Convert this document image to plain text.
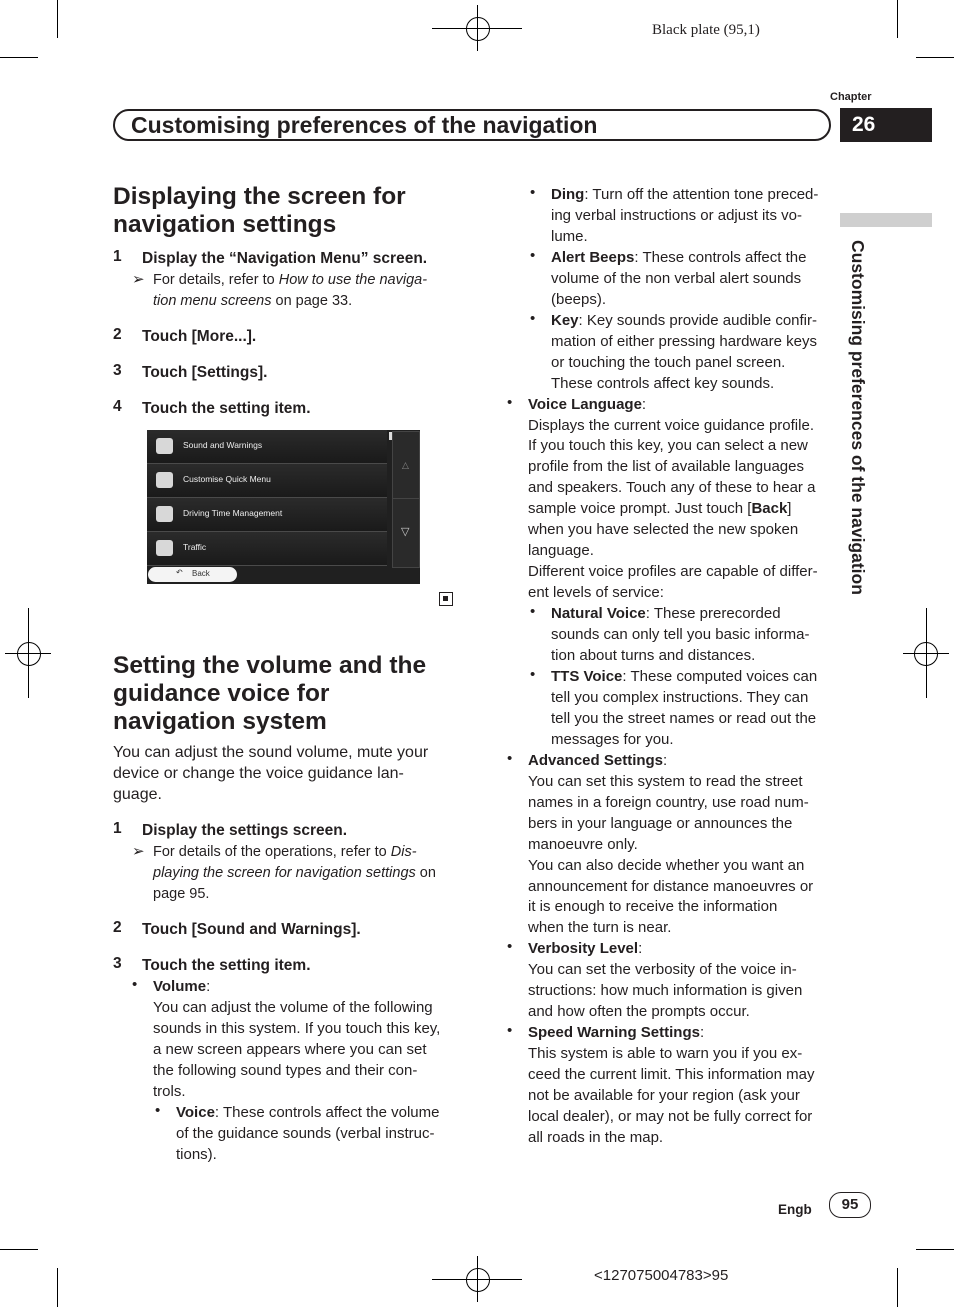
Black plate (95,1)
Chapter
26
Customising preferences of the navigation
Customising preferences of the navigation
Displaying the screen for
navigation settings
1 Display the “Navigation Menu” screen.
➢ For details, refer to How to use the naviga-
tion menu screens on page 33.
2 Touch [More...].
3 Touch [Settings].
4 Touch the setting item.
Sound and Warnings
Customise Quick Menu
Driving Time Management
Traffic
△
▽
↶ Back
Setting the volume and the
guidance voice for
navigation system
You can adjust the sound volume, mute your
device or change the voice guidance lan-
guage.
1 Display the settings screen.
➢ For details of the operations, refer to Dis-
playing the screen for navigation settings on
page 95.
2 Touch [Sound and Warnings].
3 Touch the setting item.
• Volume:
You can adjust the volume of the following
sounds in this system. If you touch this key,
a new screen appears where you can set
the following sound types and their con-
trols.
• Voice: These controls affect the volume
of the guidance sounds (verbal instruc-
tions).
• Ding: Turn off the attention tone preced-
ing verbal instructions or adjust its vo-
lume.
• Alert Beeps: These controls affect the
volume of the non verbal alert sounds
(beeps).
• Key: Key sounds provide audible confir-
mation of either pressing hardware keys
or touching the touch panel screen.
These controls affect key sounds.
• Voice Language:
Displays the current voice guidance profile.
If you touch this key, you can select a new
profile from the list of available languages
and speakers. Touch any of these to hear a
sample voice prompt. Just touch [Back]
when you have selected the new spoken
language.
Different voice profiles are capable of differ-
ent levels of service:
• Natural Voice: These prerecorded
sounds can only tell you basic informa-
tion about turns and distances.
• TTS Voice: These computed voices can
tell you complex instructions. They can
tell you the street names or read out the
messages for you.
• Advanced Settings:
You can set this system to read the street
names in a foreign country, use road num-
bers in your language or announces the
manoeuvre only.
You can also decide whether you want an
announcement for distance manoeuvres or
it is enough to receive the information
when the turn is near.
• Verbosity Level:
You can set the verbosity of the voice in-
structions: how much information is given
and how often the prompts occur.
• Speed Warning Settings:
This system is able to warn you if you ex-
ceed the current limit. This information may
not be available for your region (ask your
local dealer), or may not be fully correct for
all roads in the map.
Engb	95
<127075004783>95
